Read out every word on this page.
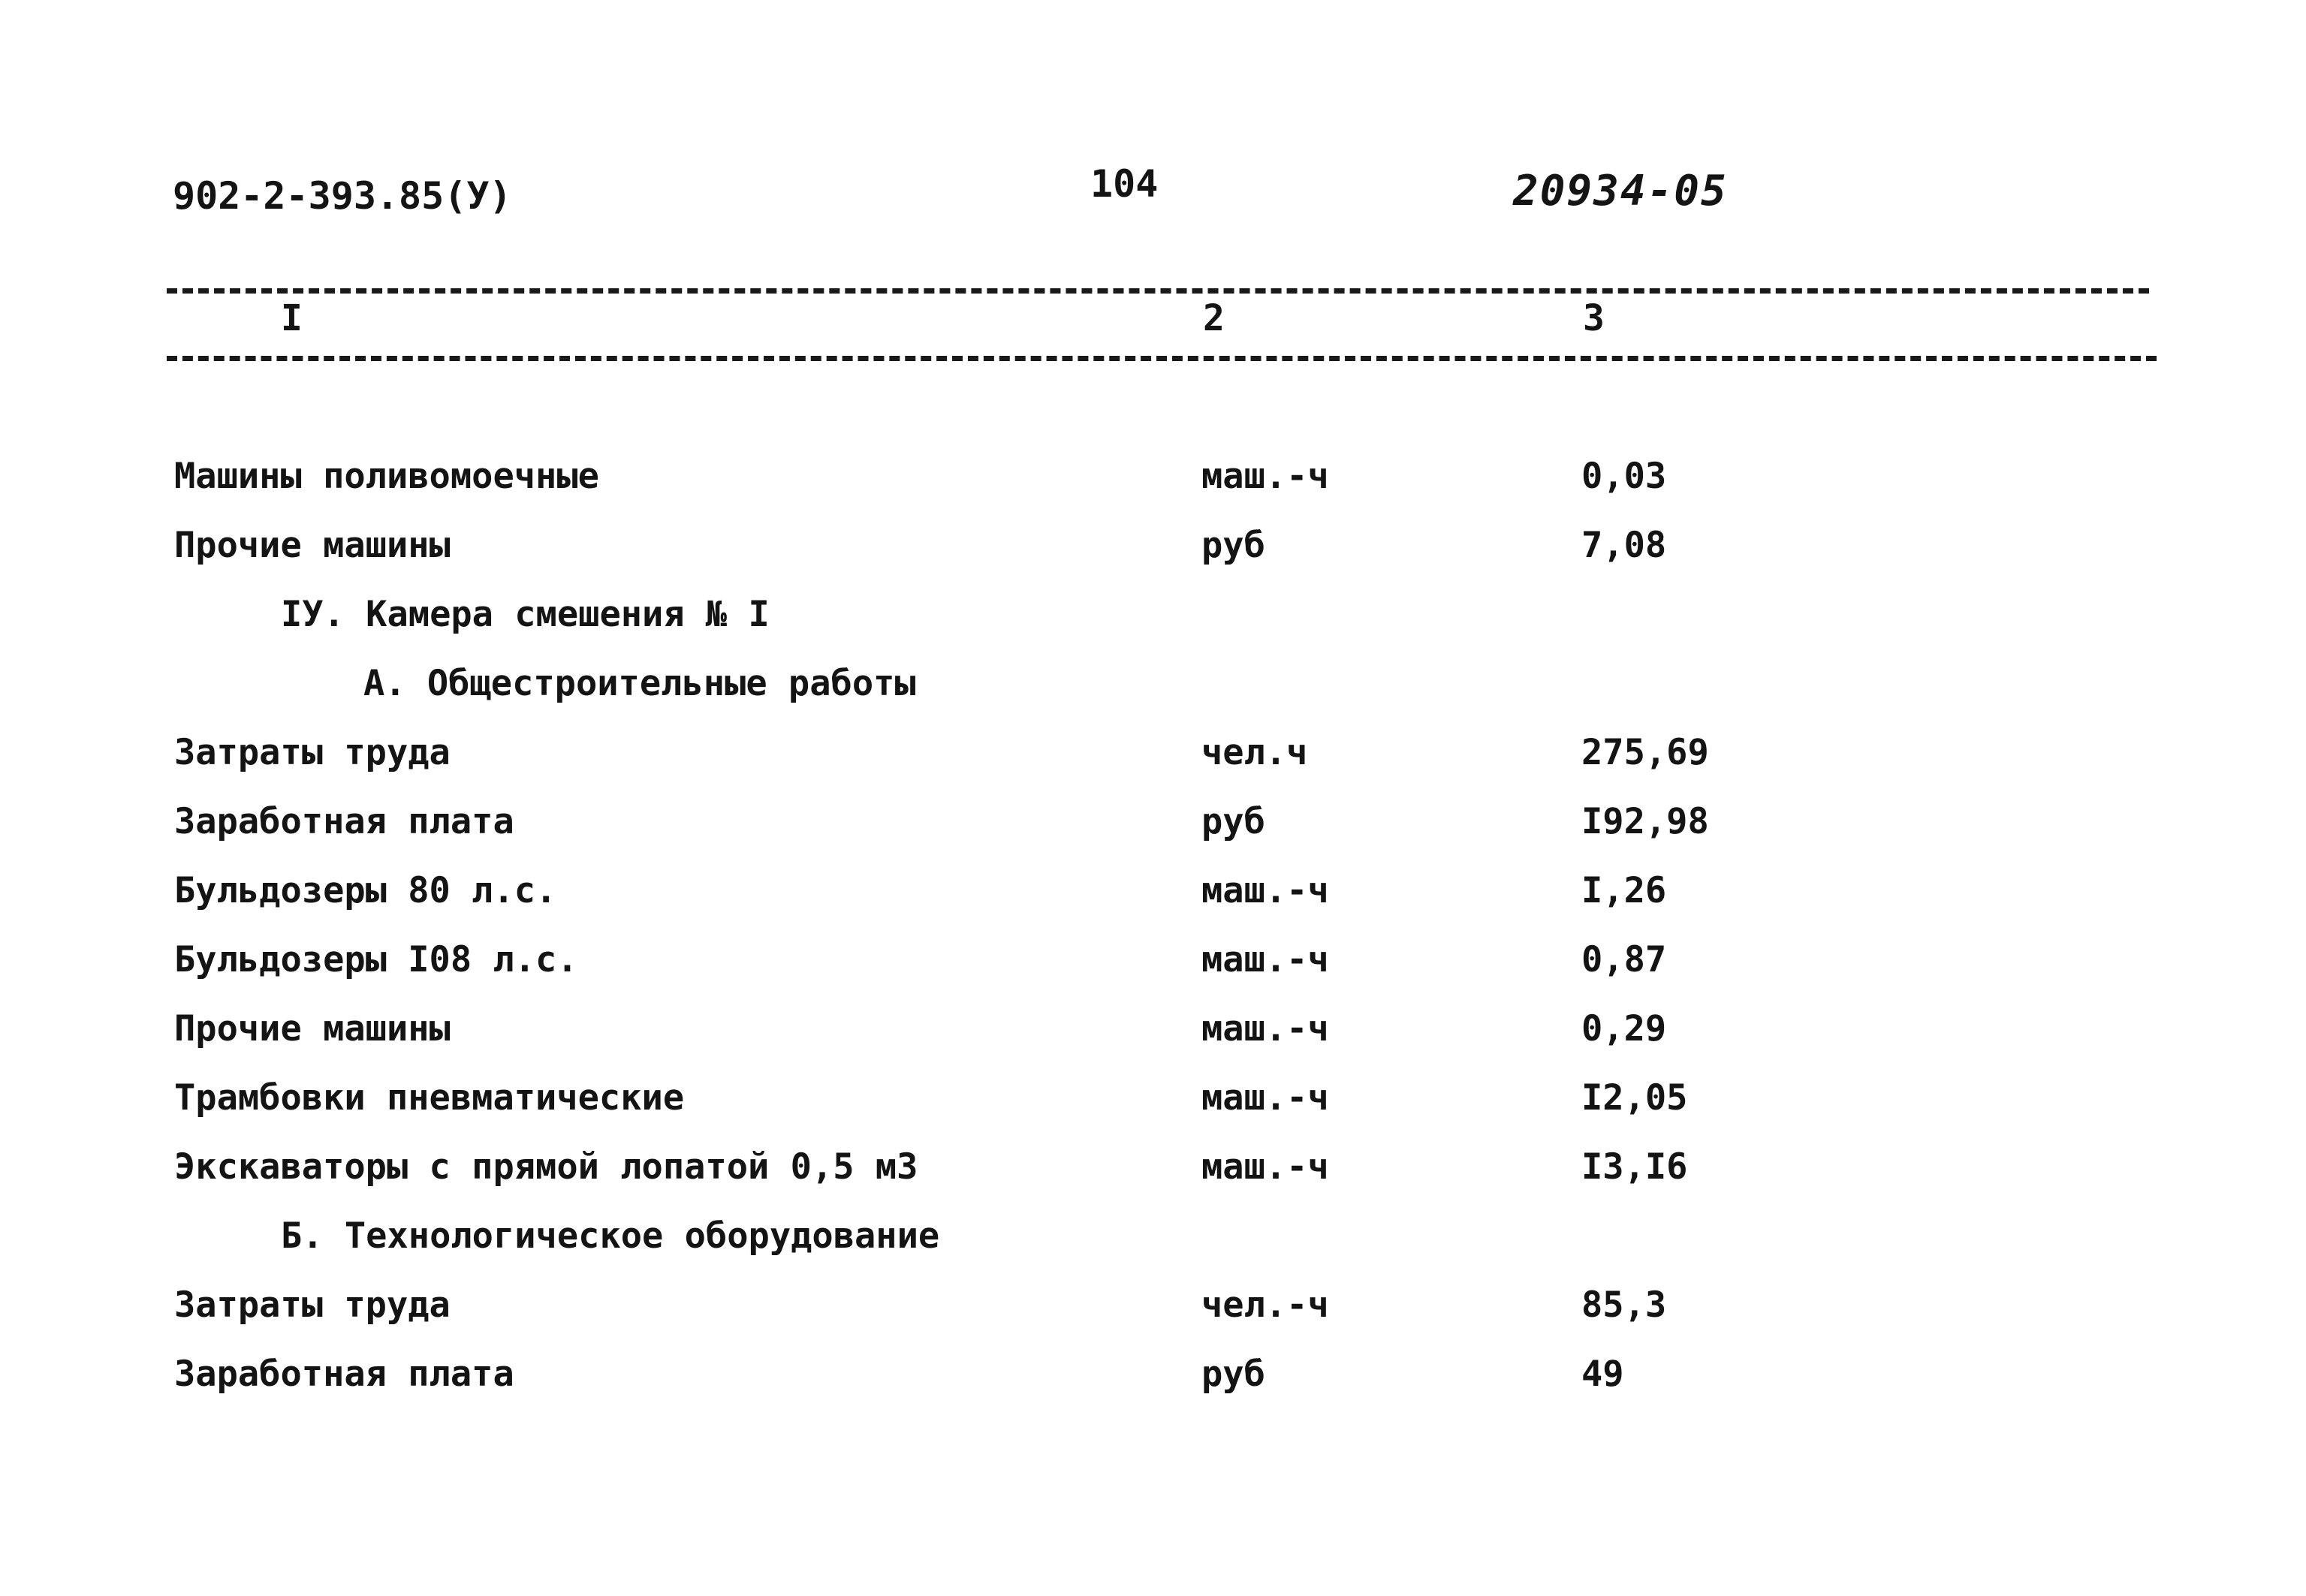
902-2-393.85(У)	104	20934-05
I	2	3
Машины поливомоечные	маш.-ч	0,03
Прочие машины	руб	7,08
IУ. Камера смешения № I
А. Общестроительные работы
Затраты труда	чел.ч	275,69
Заработная плата	руб	I92,98
Бульдозеры 80 л.с.	маш.-ч	I,26
Бульдозеры I08 л.с.	маш.-ч	0,87
Прочие машины	маш.-ч	0,29
Трамбовки пневматические	маш.-ч	I2,05
Экскаваторы с прямой лопатой 0,5 м3	маш.-ч	I3,I6
Б. Технологическое оборудование
Затраты труда	чел.-ч	85,3
Заработная плата	руб	49
